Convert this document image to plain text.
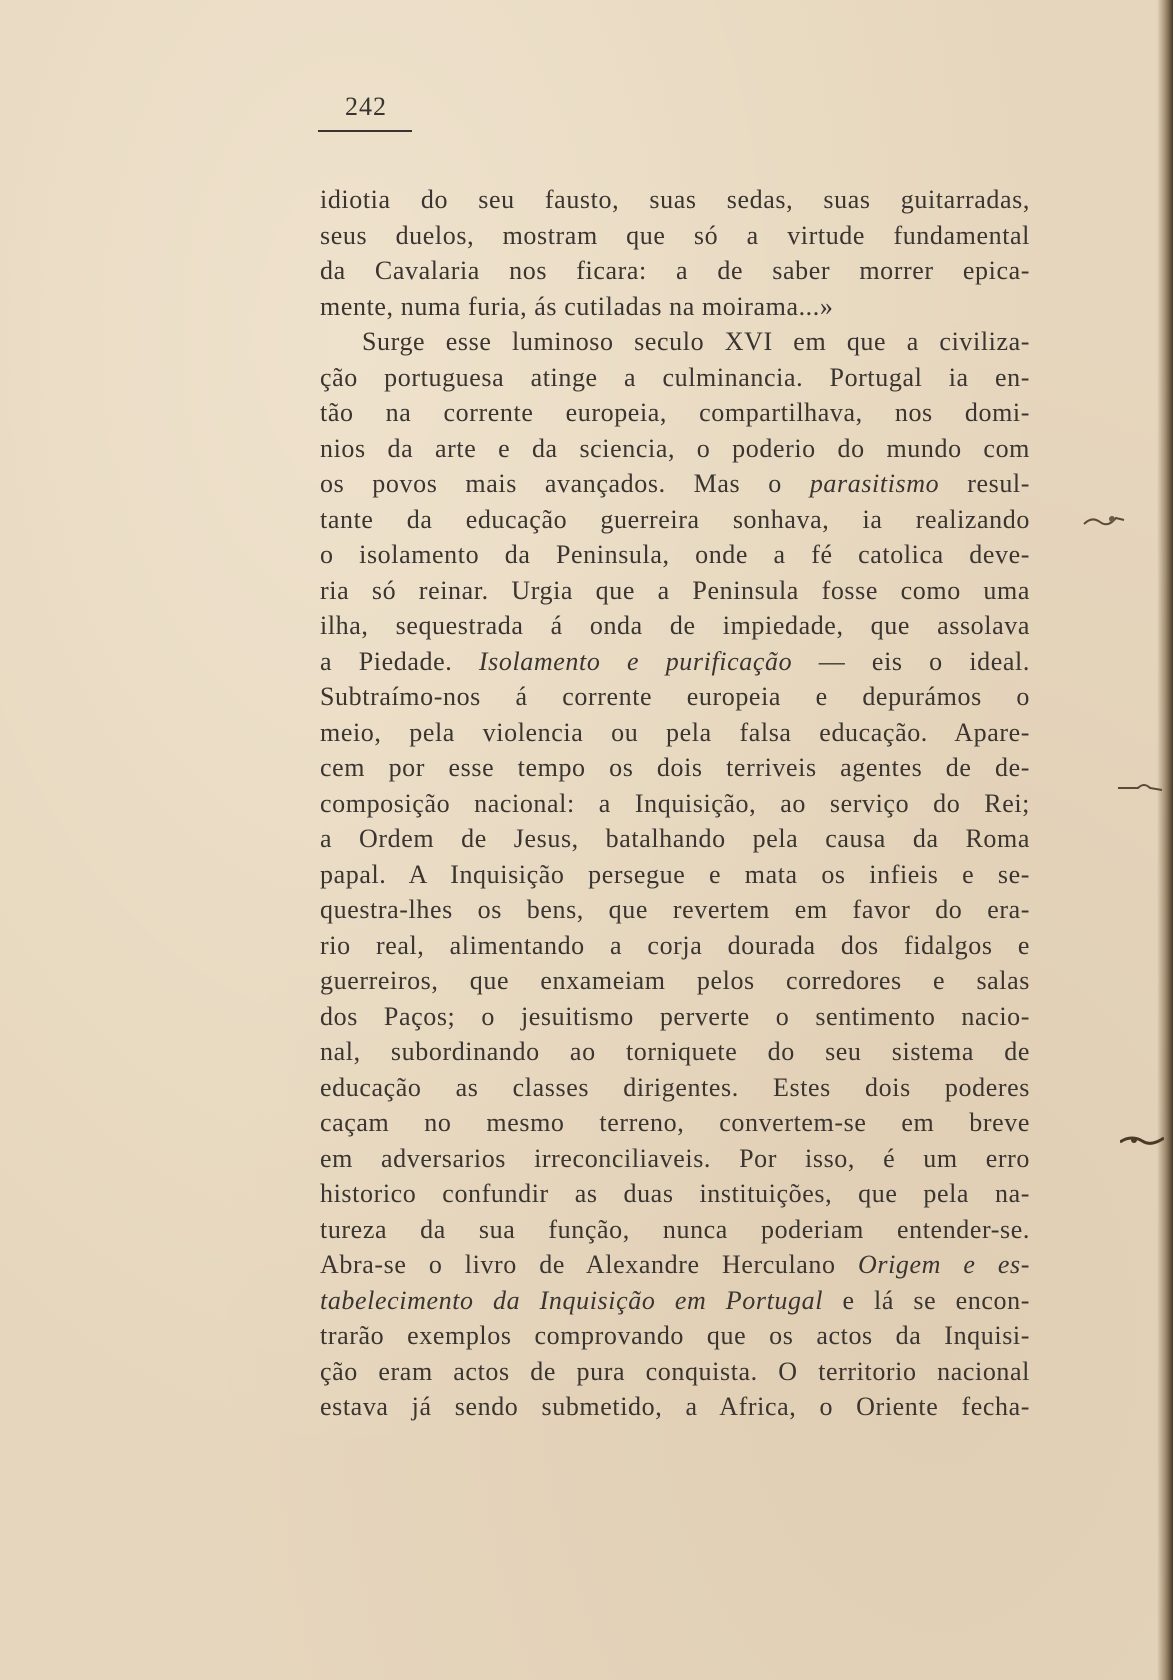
242
idiotia do seu fausto, suas sedas, suas guitarradas,
seus duelos, mostram que só a virtude fundamental
da Cavalaria nos ficara: a de saber morrer epica-
mente, numa furia, ás cutiladas na moirama...»
Surge esse luminoso seculo XVI em que a civiliza-
ção portuguesa atinge a culminancia. Portugal ia en-
tão na corrente europeia, compartilhava, nos domi-
nios da arte e da sciencia, o poderio do mundo com
os povos mais avançados. Mas o parasitismo resul-
tante da educação guerreira sonhava, ia realizando
o isolamento da Peninsula, onde a fé catolica deve-
ria só reinar. Urgia que a Peninsula fosse como uma
ilha, sequestrada á onda de impiedade, que assolava
a Piedade. Isolamento e purificação — eis o ideal.
Subtraímo-nos á corrente europeia e depurámos o
meio, pela violencia ou pela falsa educação. Apare-
cem por esse tempo os dois terriveis agentes de de-
composição nacional: a Inquisição, ao serviço do Rei;
a Ordem de Jesus, batalhando pela causa da Roma
papal. A Inquisição persegue e mata os infieis e se-
questra-lhes os bens, que revertem em favor do era-
rio real, alimentando a corja dourada dos fidalgos e
guerreiros, que enxameiam pelos corredores e salas
dos Paços; o jesuitismo perverte o sentimento nacio-
nal, subordinando ao torniquete do seu sistema de
educação as classes dirigentes. Estes dois poderes
caçam no mesmo terreno, convertem-se em breve
em adversarios irreconciliaveis. Por isso, é um erro
historico confundir as duas instituições, que pela na-
tureza da sua função, nunca poderiam entender-se.
Abra-se o livro de Alexandre Herculano Origem e es-
tabelecimento da Inquisição em Portugal e lá se encon-
trarão exemplos comprovando que os actos da Inquisi-
ção eram actos de pura conquista. O territorio nacional
estava já sendo submetido, a Africa, o Oriente fecha-
